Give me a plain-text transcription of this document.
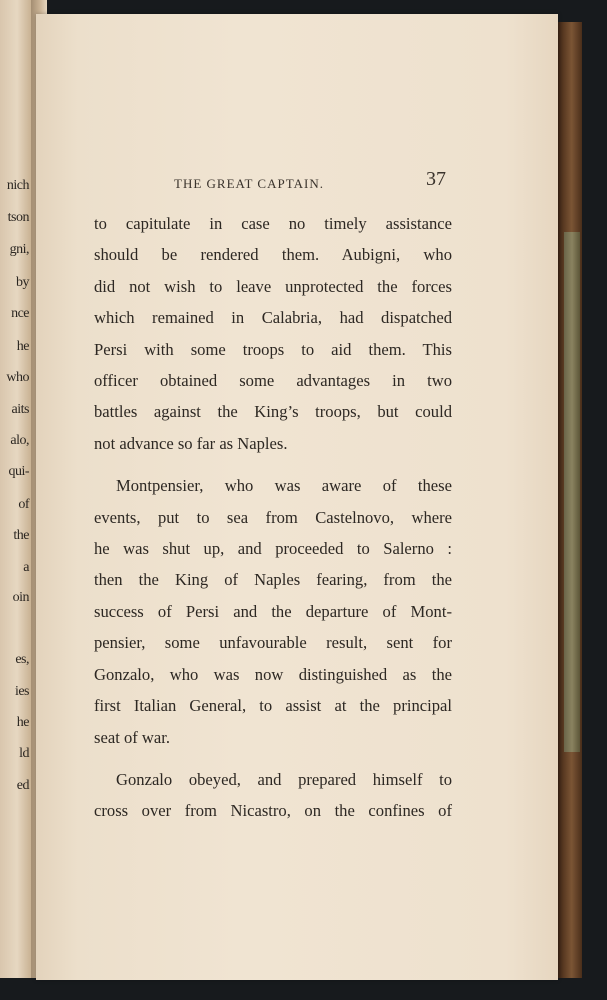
nich
tson
gni,
by
nce
he
who
aits
alo,
qui-
of
the
a
oin
es,
ies
he
ld
ed
THE GREAT CAPTAIN.	37

to capitulate in case no timely assistance

should be rendered them. Aubigni, who

did not wish to leave unprotected the forces

which remained in Calabria, had dispatched

Persi with some troops to aid them. This

officer obtained some advantages in two

battles against the King’s troops, but could

not advance so far as Naples.

Montpensier, who was aware of these

events, put to sea from Castelnovo, where

he was shut up, and proceeded to Salerno :

then the King of Naples fearing, from the

success of Persi and the departure of Mont-

pensier, some unfavourable result, sent for

Gonzalo, who was now distinguished as the

first Italian General, to assist at the principal

seat of war.

Gonzalo obeyed, and prepared himself to

cross over from Nicastro, on the confines of
